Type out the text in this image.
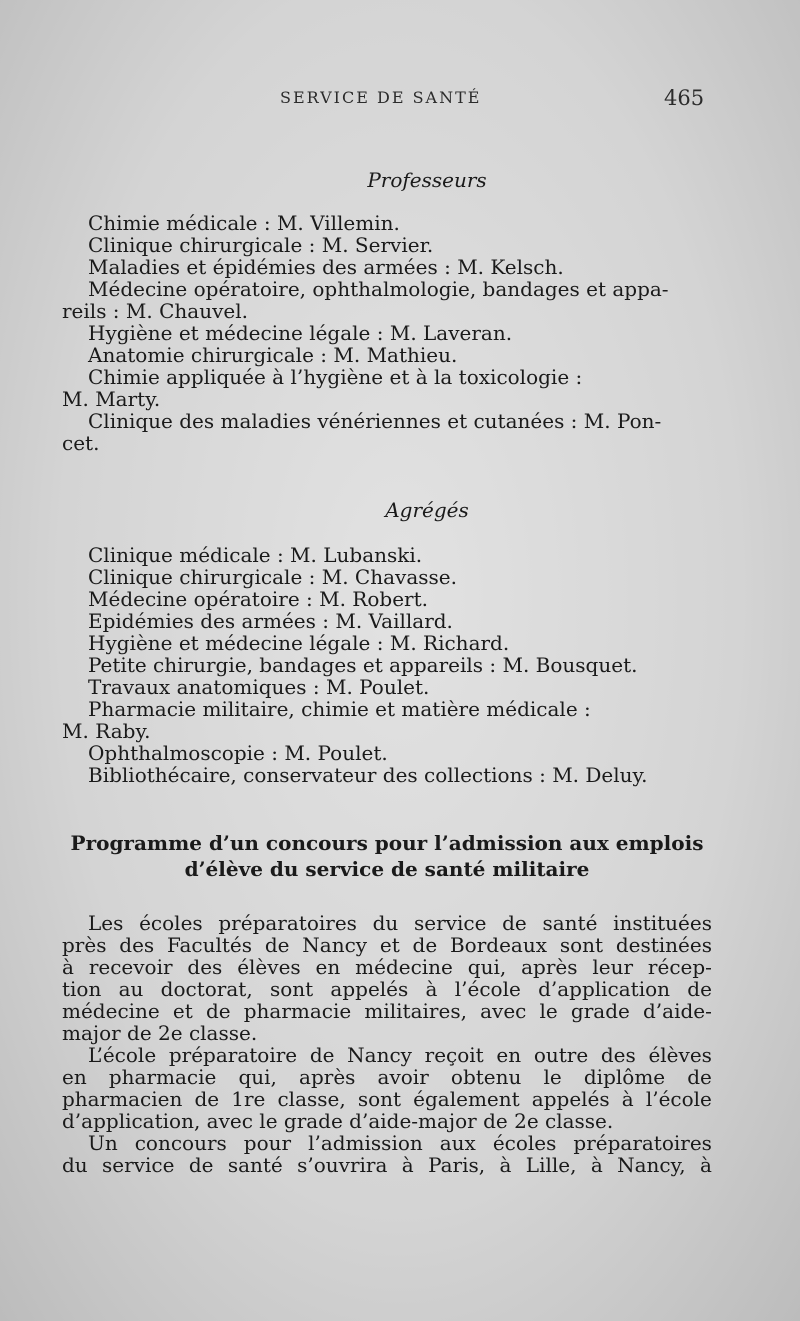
SERVICE DE SANTÉ	465
Professeurs
Chimie médicale : M. Villemin.
Clinique chirurgicale : M. Servier.
Maladies et épidémies des armées : M. Kelsch.
Médecine opératoire, ophthalmologie, bandages et appa-
reils : M. Chauvel.
Hygiène et médecine légale : M. Laveran.
Anatomie chirurgicale : M. Mathieu.
Chimie appliquée à l’hygiène et à la toxicologie :
M. Marty.
Clinique des maladies vénériennes et cutanées : M. Pon-
cet.
Agrégés
Clinique médicale : M. Lubanski.
Clinique chirurgicale : M. Chavasse.
Médecine opératoire : M. Robert.
Epidémies des armées : M. Vaillard.
Hygiène et médecine légale : M. Richard.
Petite chirurgie, bandages et appareils : M. Bousquet.
Travaux anatomiques : M. Poulet.
Pharmacie militaire, chimie et matière médicale :
M. Raby.
Ophthalmoscopie : M. Poulet.
Bibliothécaire, conservateur des collections : M. Deluy.
Programme d’un concours pour l’admission aux emplois
d’élève du service de santé militaire
Les écoles préparatoires du service de santé instituées
près des Facultés de Nancy et de Bordeaux sont destinées
à recevoir des élèves en médecine qui, après leur récep-
tion au doctorat, sont appelés à l’école d’application de
médecine et de pharmacie militaires, avec le grade d’aide-
major de 2e classe.
L’école préparatoire de Nancy reçoit en outre des élèves
en pharmacie qui, après avoir obtenu le diplôme de
pharmacien de 1re classe, sont également appelés à l’école
d’application, avec le grade d’aide-major de 2e classe.
Un concours pour l’admission aux écoles préparatoires
du service de santé s’ouvrira à Paris, à Lille, à Nancy, à
